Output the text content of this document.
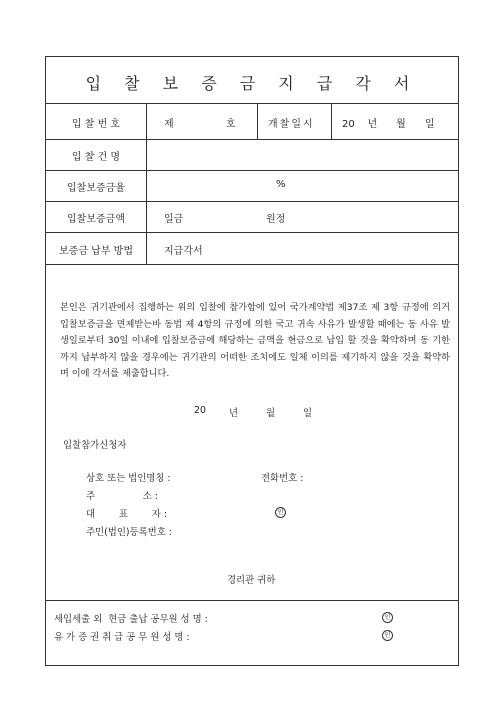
입 찰 보 증 금 지 급 각 서
입 찰 번 호	제	호	개찰일시	20    년      월      일
입 찰 건 명
입찰보증금율	%
입찰보증금액	일금	원정
보증금 납부 방법	지급각서
본인은 귀기관에서 집행하는 위의 입찰에 참가함에 있어 국가계약법 제37조 제 3항 규정에 의거 입찰보증금을 면제받는바 동법 제 4항의 규정에 의한 국고 귀속 사유가 발생할 때에는 동 사유 발생일로부터 30일 이내에 입찰보증금에 해당하는 금액을 현금으로 납입 할 것을 확약하며 동 기한까지 납부하지 않을 경우에는 귀기관의 어떠한 조치에도 일체 이의를 제기하지 않을 것을 확약하며 이에 각서를 제출합니다.
20 년	월	일
입찰참가신청자
상호 또는 법인명칭 :	전화번호 :
주                소 :
대        표        자 :	인
주민(법인)등록번호 :
경리관 귀하
세입세출 외  현금 출납 공무원 성 명 :	인
유 가 증 권 취 급 공 무 원 성 명 :	인
